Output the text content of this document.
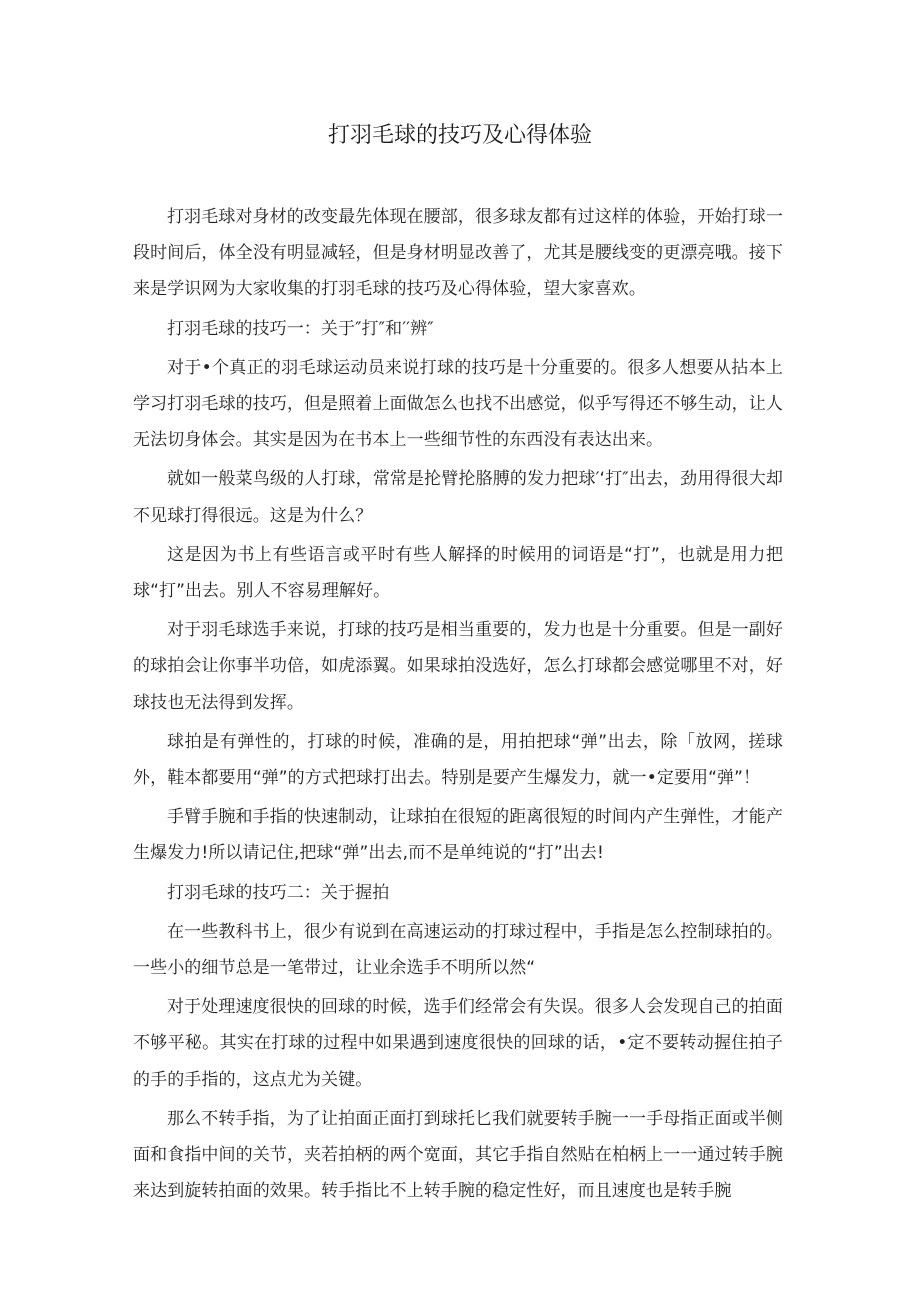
打羽毛球的技巧及心得体验

打羽毛球对身材的改变最先体现在腰部，很多球友都有过这样的体验，开始打球一段时间后，体全没有明显减轻，但是身材明显改善了，尤其是腰线变的更漂亮哦。接下来是学识网为大家收集的打羽毛球的技巧及心得体验，望大家喜欢。

打羽毛球的技巧一：关于″打″和′′辨″

对于•个真正的羽毛球运动员来说打球的技巧是十分重要的。很多人想要从拈本上学习打羽毛球的技巧，但是照着上面做怎么也找不出感觉，似乎写得还不够生动，让人无法切身体会。其实是因为在书本上一些细节性的东西没有表达出来。

就如一般菜鸟级的人打球，常常是抡臂抡胳膊的发力把球′‘打″出去，劲用得很大却不见球打得很远。这是为什么？

这是因为书上有些语言或平时有些人解择的时候用的词语是“打”，也就是用力把球“打”出去。别人不容易理解好。

对于羽毛球选手来说，打球的技巧是相当重要的，发力也是十分重要。但是一副好的球拍会让你事半功倍，如虎添翼。如果球拍没选好，怎么打球都会感觉哪里不对，好球技也无法得到发挥。

球拍是有弹性的，打球的时候，准确的是，用拍把球“弹”出去，除「放网，搓球外，鞋本都要用“弹”的方式把球打出去。特别是要产生爆发力，就一•定要用“弹”！

手臂手腕和手指的快速制动，让球拍在很短的距离很短的时间内产生弹性，才能产生爆发力!所以请记住,把球“弹”出去,而不是单纯说的“打”出去!

打羽毛球的技巧二：关于握拍

在一些教科书上，很少有说到在高速运动的打球过程中，手指是怎么控制球拍的。一些小的细节总是一笔带过，让业余选手不明所以然“

对于处理速度很快的回球的时候，选手们经常会有失误。很多人会发现自己的拍面不够平秘。其实在打球的过程中如果遇到速度很快的回球的话，•定不要转动握住拍子的手的手指的，这点尤为关键。

那么不转手指，为了让拍面正面打到球托匕我们就要转手腕一一手母指正面或半侧面和食指中间的关节，夹若拍柄的两个宽面，其它手指自然贴在柏柄上一一通过转手腕来达到旋转拍面的效果。转手指比不上转手腕的稳定性好，而且速度也是转手腕
